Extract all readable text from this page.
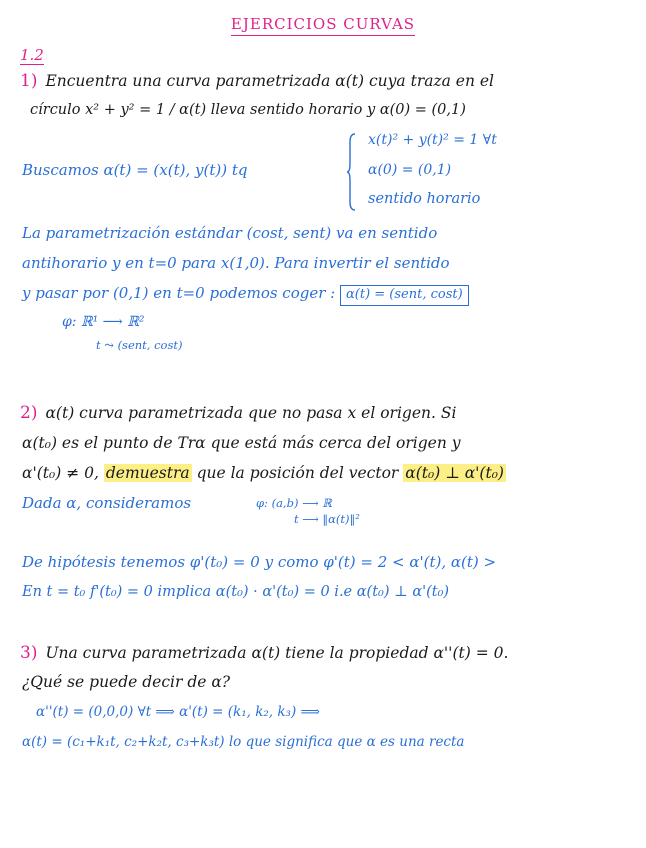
EJERCICIOS CURVAS
1.2
1) Encuentra una curva parametrizada α(t) cuya traza en el
círculo x² + y² = 1 / α(t) lleva sentido horario y α(0) = (0,1)
Buscamos α(t) = (x(t), y(t)) tq
x(t)² + y(t)² = 1 ∀t
α(0) = (0,1)
sentido horario
La parametrización estándar (cost, sent) va en sentido
antihorario y en t=0 para x(1,0). Para invertir el sentido
y pasar por (0,1) en t=0 podemos coger : α(t) = (sent, cost)
φ: ℝ¹ ⟶ ℝ²
t ⤳ (sent, cost)
2) α(t) curva parametrizada que no pasa x el origen. Si
α(t₀) es el punto de Trα que está más cerca del origen y
α'(t₀) ≠ 0, demuestra que la posición del vector α(t₀) ⊥ α'(t₀)
Dada α, consideramos	φ: (a,b) ⟶ ℝ
t ⟶ ‖α(t)‖²
De hipótesis tenemos φ'(t₀) = 0 y como φ'(t) = 2 < α'(t), α(t) >
En t = t₀ f'(t₀) = 0 implica α(t₀) · α'(t₀) = 0 i.e α(t₀) ⊥ α'(t₀)
3) Una curva parametrizada α(t) tiene la propiedad α''(t) = 0.
¿Qué se puede decir de α?
α''(t) = (0,0,0) ∀t ⟹ α'(t) = (k₁, k₂, k₃) ⟹
α(t) = (c₁+k₁t, c₂+k₂t, c₃+k₃t) lo que significa que α es una recta
